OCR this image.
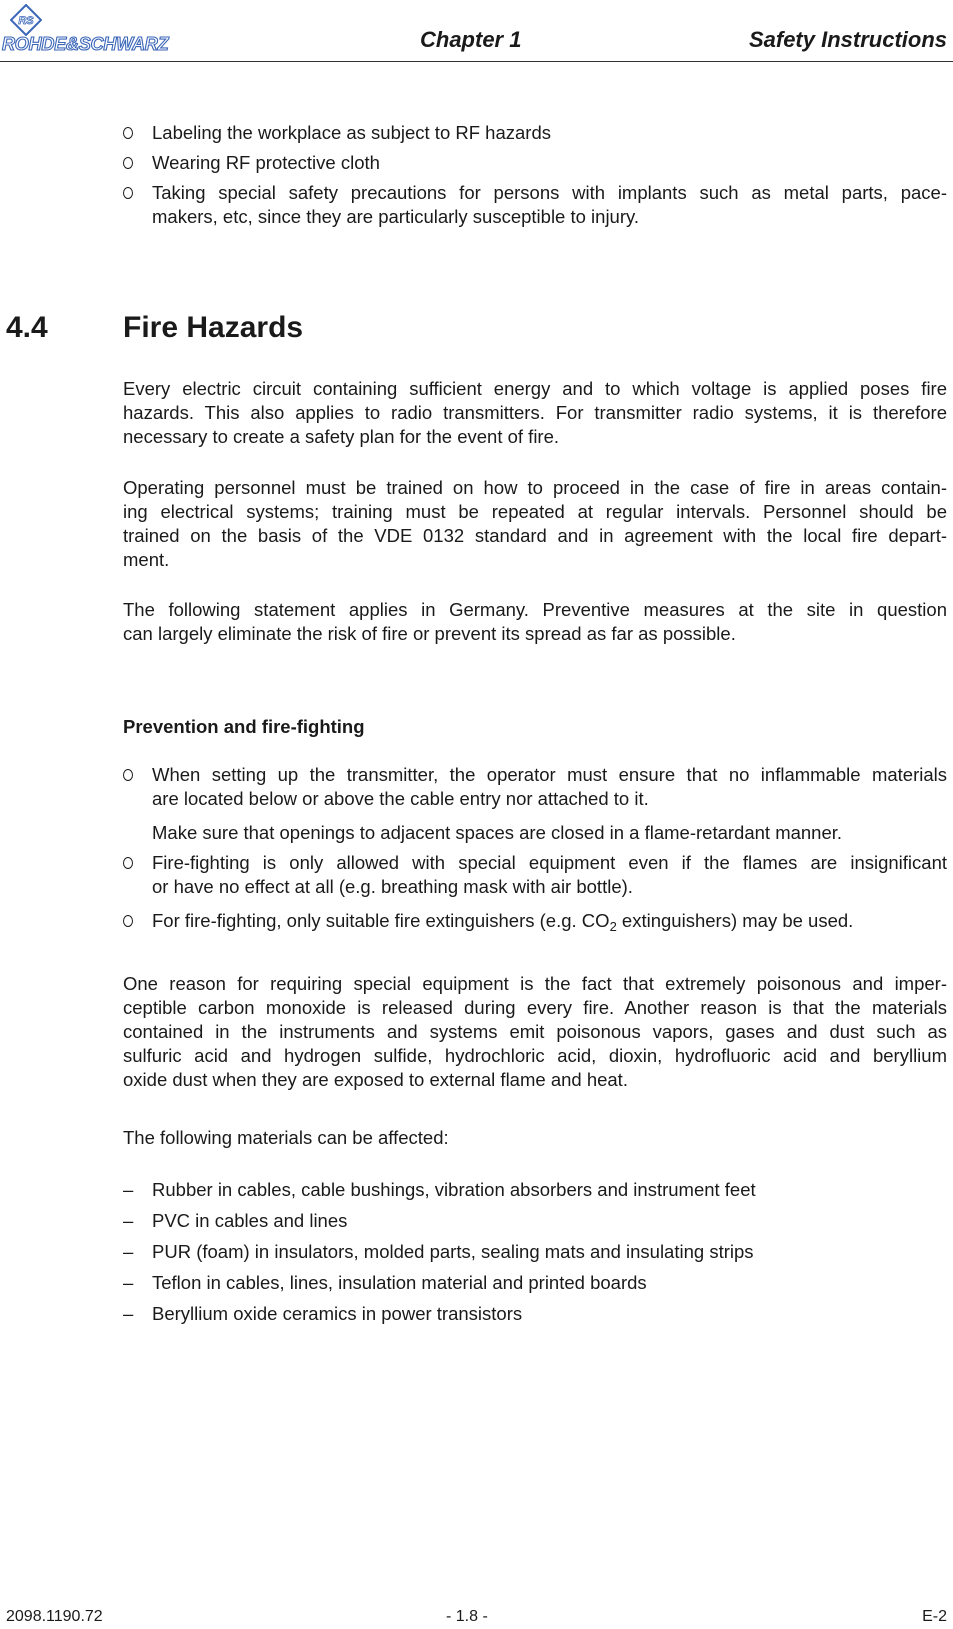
RS
ROHDE&SCHWARZ	Chapter 1	Safety Instructions
Labeling the workplace as subject to RF hazards
Wearing RF protective cloth
Taking special safety precautions for persons with implants such as metal parts, pace-
makers, etc, since they are particularly susceptible to injury.
4.4	Fire Hazards
Every electric circuit containing sufficient energy and to which voltage is applied poses fire
hazards. This also applies to radio transmitters. For transmitter radio systems, it is therefore
necessary to create a safety plan for the event of fire.
Operating personnel must be trained on how to proceed in the case of fire in areas contain-
ing electrical systems; training must be repeated at regular intervals. Personnel should be
trained on the basis of the VDE 0132 standard and in agreement with the local fire depart-
ment.
The following statement applies in Germany. Preventive measures at the site in question
can largely eliminate the risk of fire or prevent its spread as far as possible.
Prevention and fire-fighting
When setting up the transmitter, the operator must ensure that no inflammable materials
are located below or above the cable entry nor attached to it.
Make sure that openings to adjacent spaces are closed in a flame-retardant manner.
Fire-fighting is only allowed with special equipment even if the flames are insignificant
or have no effect at all (e.g. breathing mask with air bottle).
For fire-fighting, only suitable fire extinguishers (e.g. $CO_2$ extinguishers) may be used.
One reason for requiring special equipment is the fact that extremely poisonous and imper-
ceptible carbon monoxide is released during every fire. Another reason is that the materials
contained in the instruments and systems emit poisonous vapors, gases and dust such as
sulfuric acid and hydrogen sulfide, hydrochloric acid, dioxin, hydrofluoric acid and beryllium
oxide dust when they are exposed to external flame and heat.
The following materials can be affected:
– Rubber in cables, cable bushings, vibration absorbers and instrument feet
– PVC in cables and lines
– PUR (foam) in insulators, molded parts, sealing mats and insulating strips
– Teflon in cables, lines, insulation material and printed boards
– Beryllium oxide ceramics in power transistors
2098.1190.72	- 1.8 -	E-2
